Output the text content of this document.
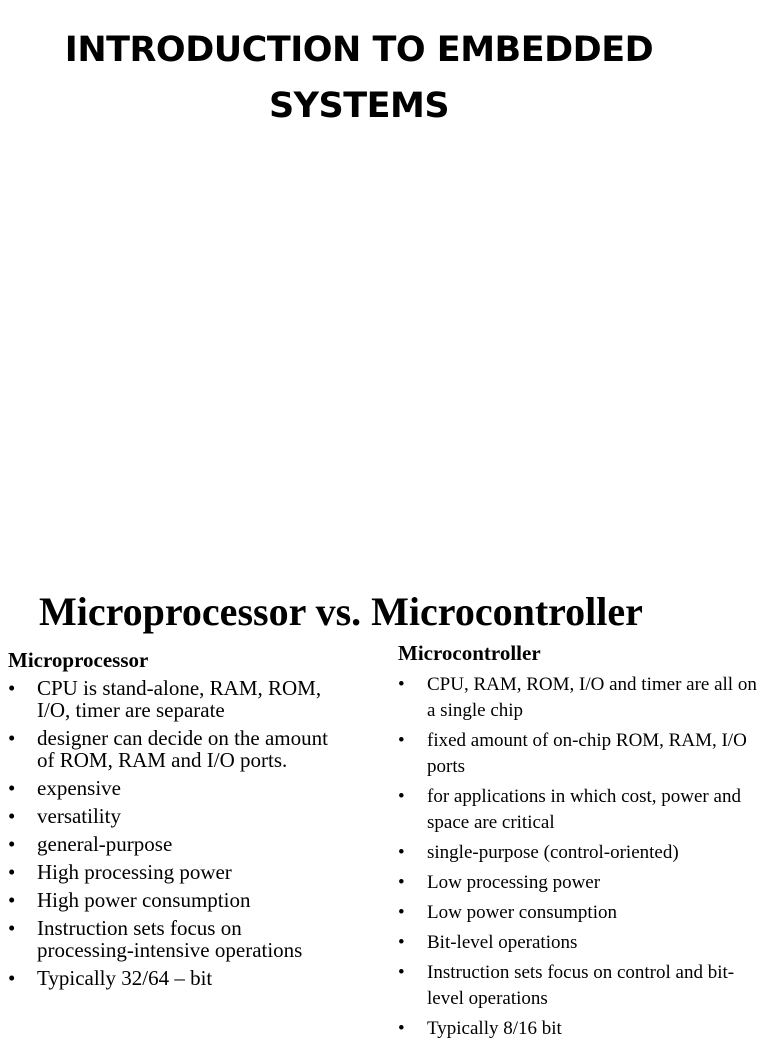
INTRODUCTION TO EMBEDDED
SYSTEMS
Microprocessor vs. Microcontroller
Microprocessor
•	CPU is stand-alone, RAM, ROM, I/O, timer are separate
•	designer can decide on the amount of ROM, RAM and I/O ports.
•	expensive
•	versatility
•	general-purpose
•	High processing power
•	High power consumption
•	Instruction sets focus on processing-intensive operations
•	Typically 32/64 – bit
Microcontroller
•	CPU, RAM, ROM, I/O and timer are all on a single chip
•	fixed amount of on-chip ROM, RAM, I/O ports
•	for applications in which cost, power and space are critical
•	single-purpose (control-oriented)
•	Low processing power
•	Low power consumption
•	Bit-level operations
•	Instruction sets focus on control and bit-level operations
•	Typically 8/16 bit
